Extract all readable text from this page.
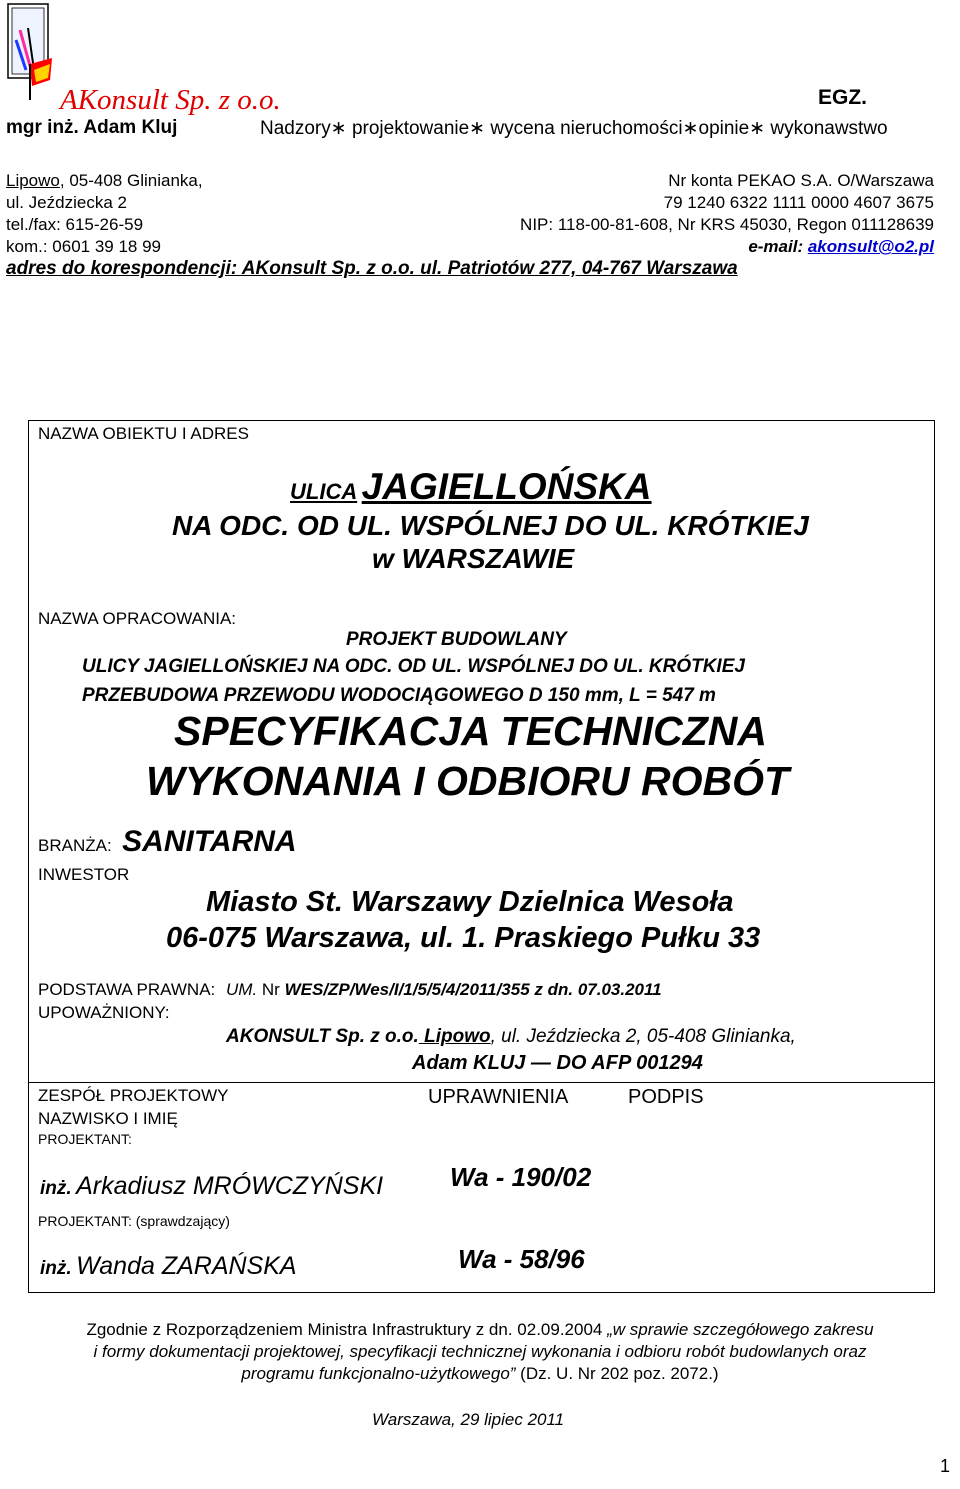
AKonsult Sp. z o.o.	EGZ.
mgr inż. Adam Kluj	Nadzory∗ projektowanie∗ wycena nieruchomości∗opinie∗ wykonawstwo
Lipowo, 05-408 Glinianka,
ul. Jeździecka 2
tel./fax: 615-26-59
kom.: 0601 39 18 99
Nr konta PEKAO S.A. O/Warszawa
79 1240 6322 1111 0000 4607 3675
NIP: 118-00-81-608, Nr KRS 45030, Regon 011128639
e-mail: akonsult@o2.pl
adres do korespondencji: AKonsult Sp. z o.o. ul. Patriotów 277, 04-767 Warszawa
NAZWA OBIEKTU I ADRES
ULICA JAGIELLOŃSKA
NA ODC. OD UL. WSPÓLNEJ DO UL. KRÓTKIEJ
w WARSZAWIE
NAZWA OPRACOWANIA:
PROJEKT BUDOWLANY
ULICY JAGIELLOŃSKIEJ NA ODC. OD UL. WSPÓLNEJ DO UL. KRÓTKIEJ
PRZEBUDOWA PRZEWODU WODOCIĄGOWEGO D 150 mm, L = 547 m
SPECYFIKACJA TECHNICZNA
WYKONANIA I ODBIORU ROBÓT
BRANŻA: SANITARNA
INWESTOR
Miasto St. Warszawy Dzielnica Wesoła
06-075 Warszawa, ul. 1. Praskiego Pułku 33
PODSTAWA PRAWNA: UM. Nr WES/ZP/Wes/I/1/5/5/4/2011/355 z dn. 07.03.2011
UPOWAŻNIONY:
AKONSULT Sp. z o.o. Lipowo, ul. Jeździecka 2, 05-408 Glinianka,
Adam KLUJ — DO AFP 001294
ZESPÓŁ PROJEKTOWY
NAZWISKO I IMIĘ
UPRAWNIENIA	PODPIS
PROJEKTANT:
inż. Arkadiusz MRÓWCZYŃSKI	Wa - 190/02
PROJEKTANT: (sprawdzający)
inż. Wanda ZARAŃSKA	Wa - 58/96
Zgodnie z Rozporządzeniem Ministra Infrastruktury z dn. 02.09.2004 „w sprawie szczegółowego zakresu
i formy dokumentacji projektowej, specyfikacji technicznej wykonania i odbioru robót budowlanych oraz
programu funkcjonalno-użytkowego” (Dz. U. Nr 202 poz. 2072.)
Warszawa, 29 lipiec 2011
1
